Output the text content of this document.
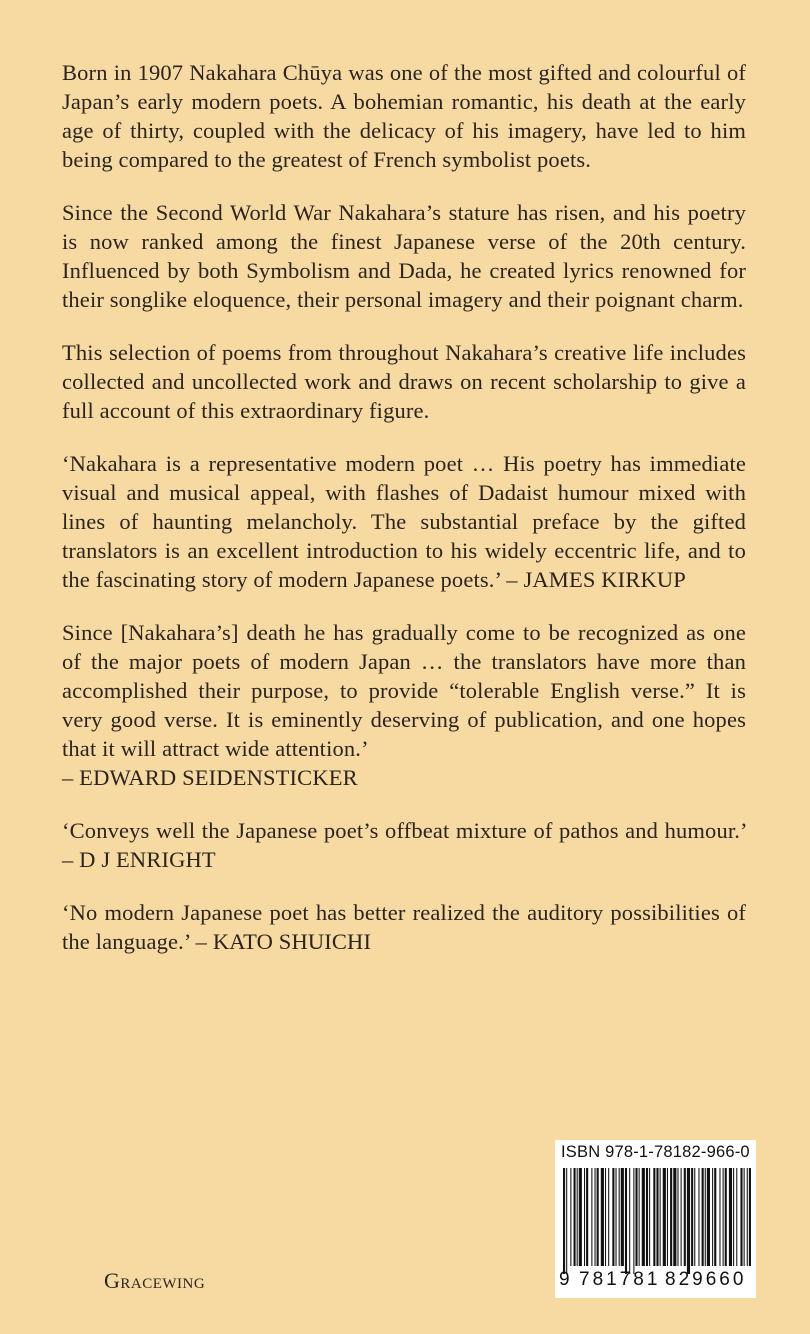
Born in 1907 Nakahara Chūya was one of the most gifted and colourful of Japan’s early modern poets. A bohemian romantic, his death at the early age of thirty, coupled with the delicacy of his imagery, have led to him being compared to the greatest of French symbolist poets.

Since the Second World War Nakahara’s stature has risen, and his poetry is now ranked among the finest Japanese verse of the 20th century. Influenced by both Symbolism and Dada, he created lyrics renowned for their songlike eloquence, their personal imagery and their poignant charm.

This selection of poems from throughout Nakahara’s creative life includes collected and uncollected work and draws on recent scholarship to give a full account of this extraordinary figure.

‘Nakahara is a representative modern poet … His poetry has immediate visual and musical appeal, with flashes of Dadaist humour mixed with lines of haunting melancholy. The substantial preface by the gifted translators is an excellent introduction to his widely eccentric life, and to the fascinating story of modern Japanese poets.’ – JAMES KIRKUP

Since [Nakahara’s] death he has gradually come to be recognized as one of the major poets of modern Japan … the translators have more than accomplished their purpose, to provide “tolerable English verse.” It is very good verse. It is eminently deserving of publication, and one hopes that it will attract wide attention.’
– EDWARD SEIDENSTICKER

‘Conveys well the Japanese poet’s offbeat mixture of pathos and humour.’ – D J ENRIGHT

‘No modern Japanese poet has better realized the auditory possibilities of the language.’ – KATO SHUICHI

Gracewing
ISBN 978-1-78182-966-0
9 781781 829660
